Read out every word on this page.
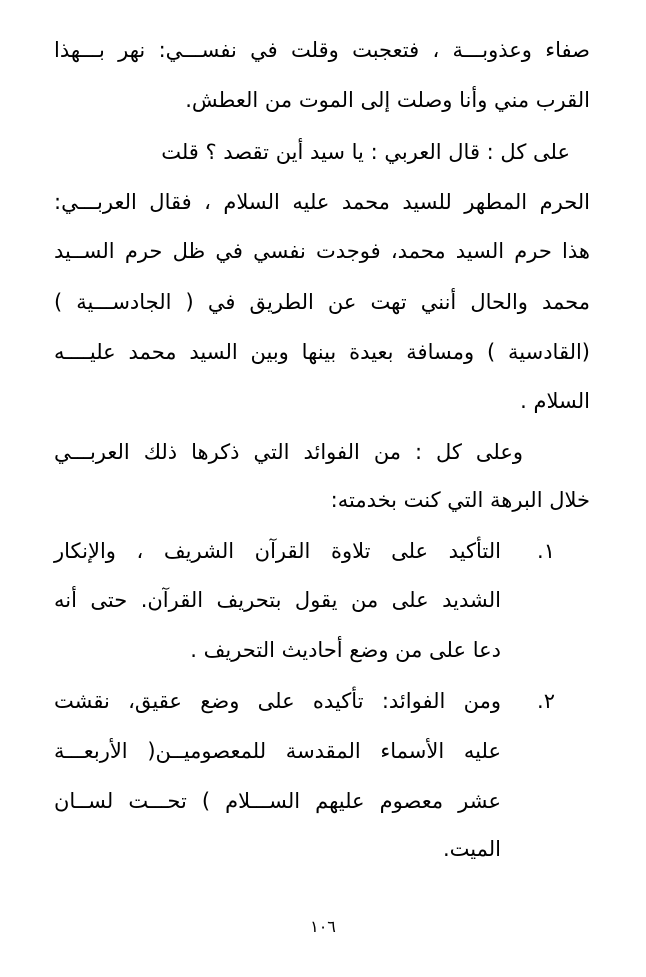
صفاء وعذوبـــة ، فتعجبت وقلت في نفســـي: نهر بـــهذا
القرب مني وأنا وصلت إلى الموت من العطش.
على كل : قال العربي : يا سيد أين تقصد ؟ قلت
الحرم المطهر للسيد محمد عليه السلام ، فقال العربـــي:
هذا حرم السيد محمد، فوجدت نفسي في ظل حرم الســيد
محمد والحال أنني تهت عن الطريق في ( الجادســـية )
(القادسية ) ومسافة بعيدة بينها وبين السيد محمد عليــــه
السلام .
وعلى كل : من الفوائد التي ذكرها ذلك العربـــي
خلال البرهة التي كنت بخدمته:
١.
التأكيد على تلاوة القرآن الشريف ، والإنكار
الشديد على من يقول بتحريف القرآن. حتى أنه
دعا على من وضع أحاديث التحريف .
٢.
ومن الفوائد: تأكيده على وضع عقيق، نقشت
عليه الأسماء المقدسة للمعصوميــن( الأربعـــة
عشر معصوم عليهم الســـلام ) تحـــت لســان
الميت.
١٠٦
